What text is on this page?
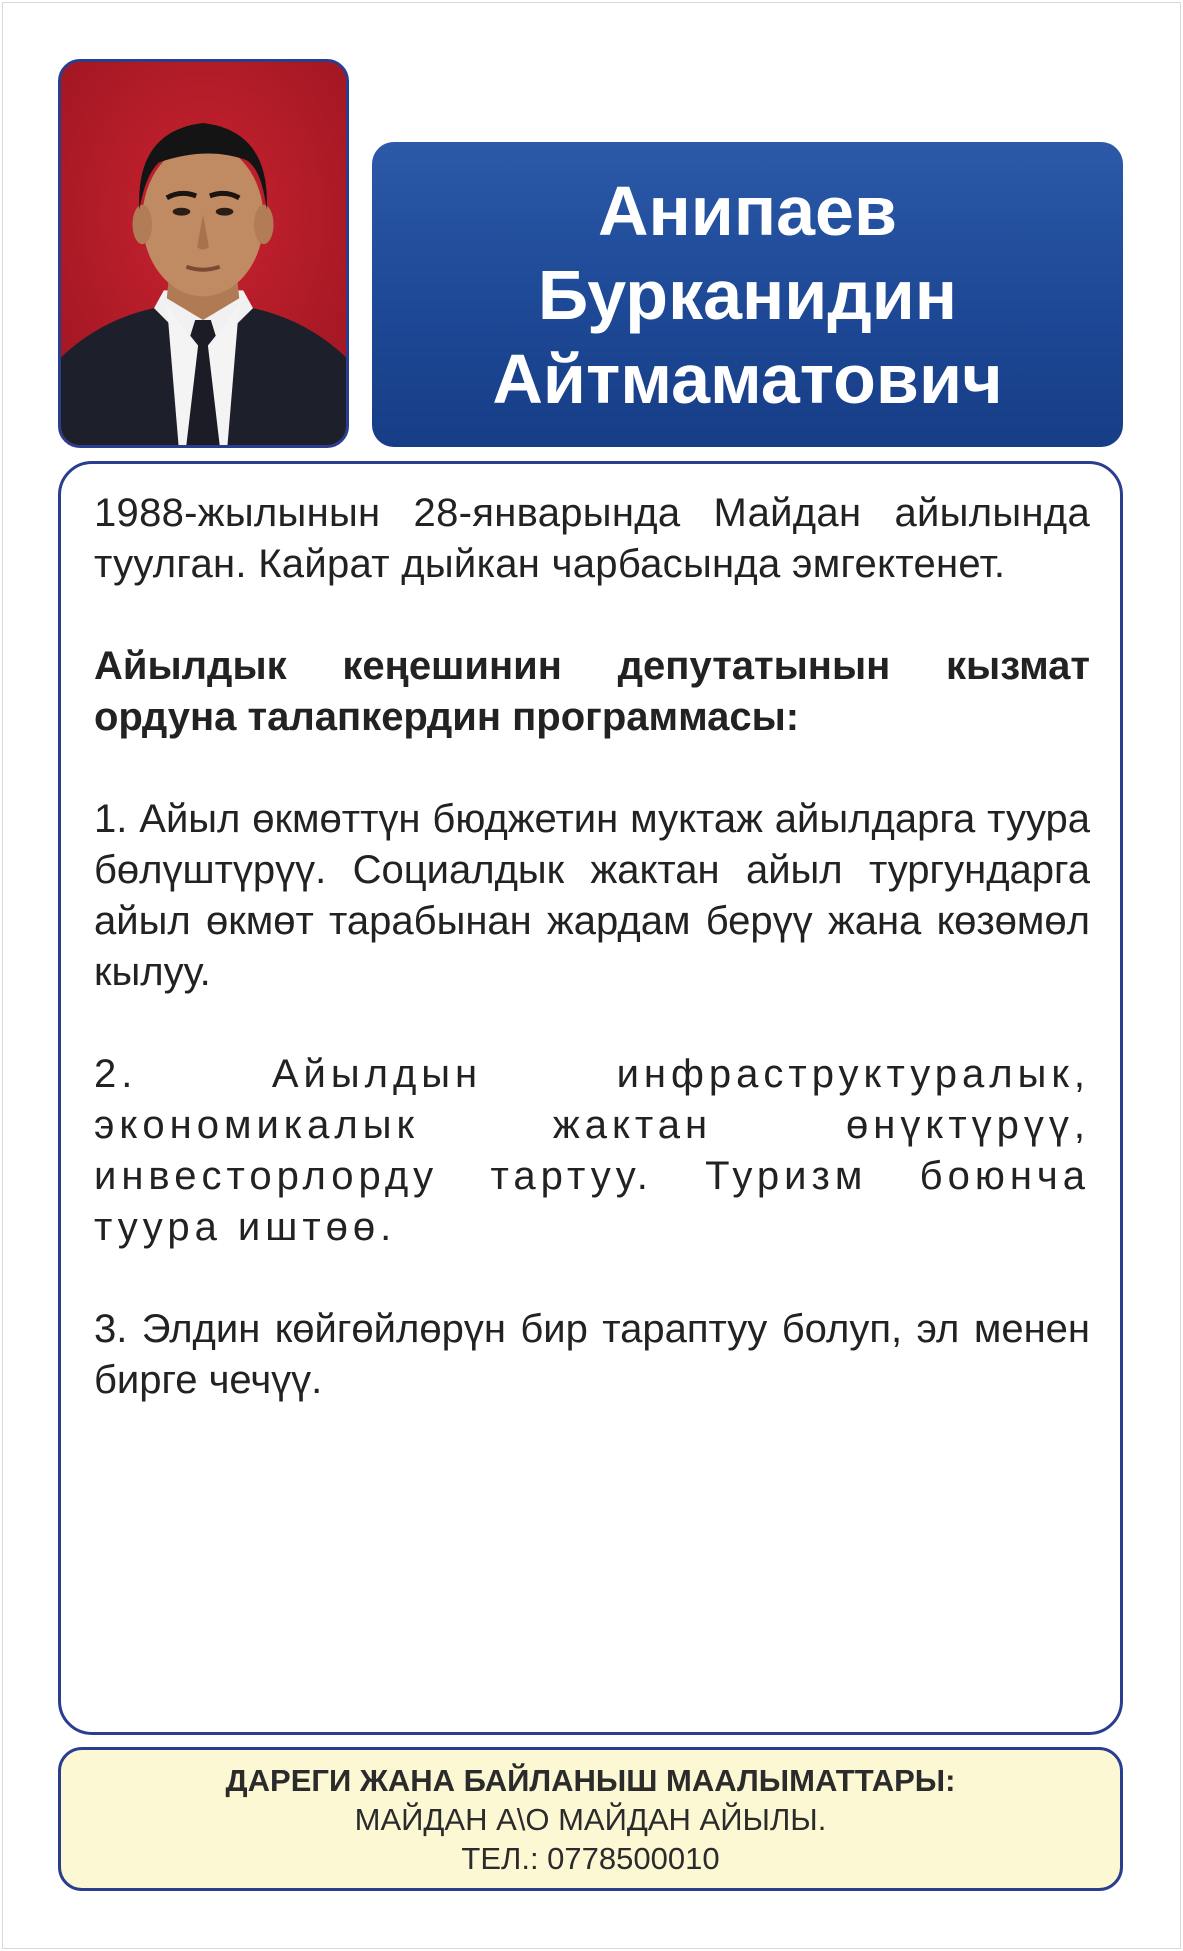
Анипаев
Бурканидин
Айтмаматович

1988-жылынын 28-январында Майдан айылында туулган. Кайрат дыйкан чарбасында эмгектенет.

Айылдык кеңешинин депутатынын кызмат ордуна талапкердин программасы:

1. Айыл өкмөттүн бюджетин муктаж айылдарга туура бөлүштүрүү. Социалдык жактан айыл тургундарга айыл өкмөт тарабынан жардам берүү жана көзөмөл кылуу.

2. Айылдын инфраструктуралык, экономикалык жактан өнүктүрүү, инвесторлорду тартуу. Туризм боюнча туура иштөө.

3. Элдин көйгөйлөрүн бир тараптуу болуп, эл менен бирге чечүү.

ДАРЕГИ ЖАНА БАЙЛАНЫШ МААЛЫМАТТАРЫ:
МАЙДАН А\О МАЙДАН АЙЫЛЫ.
ТЕЛ.: 0778500010
